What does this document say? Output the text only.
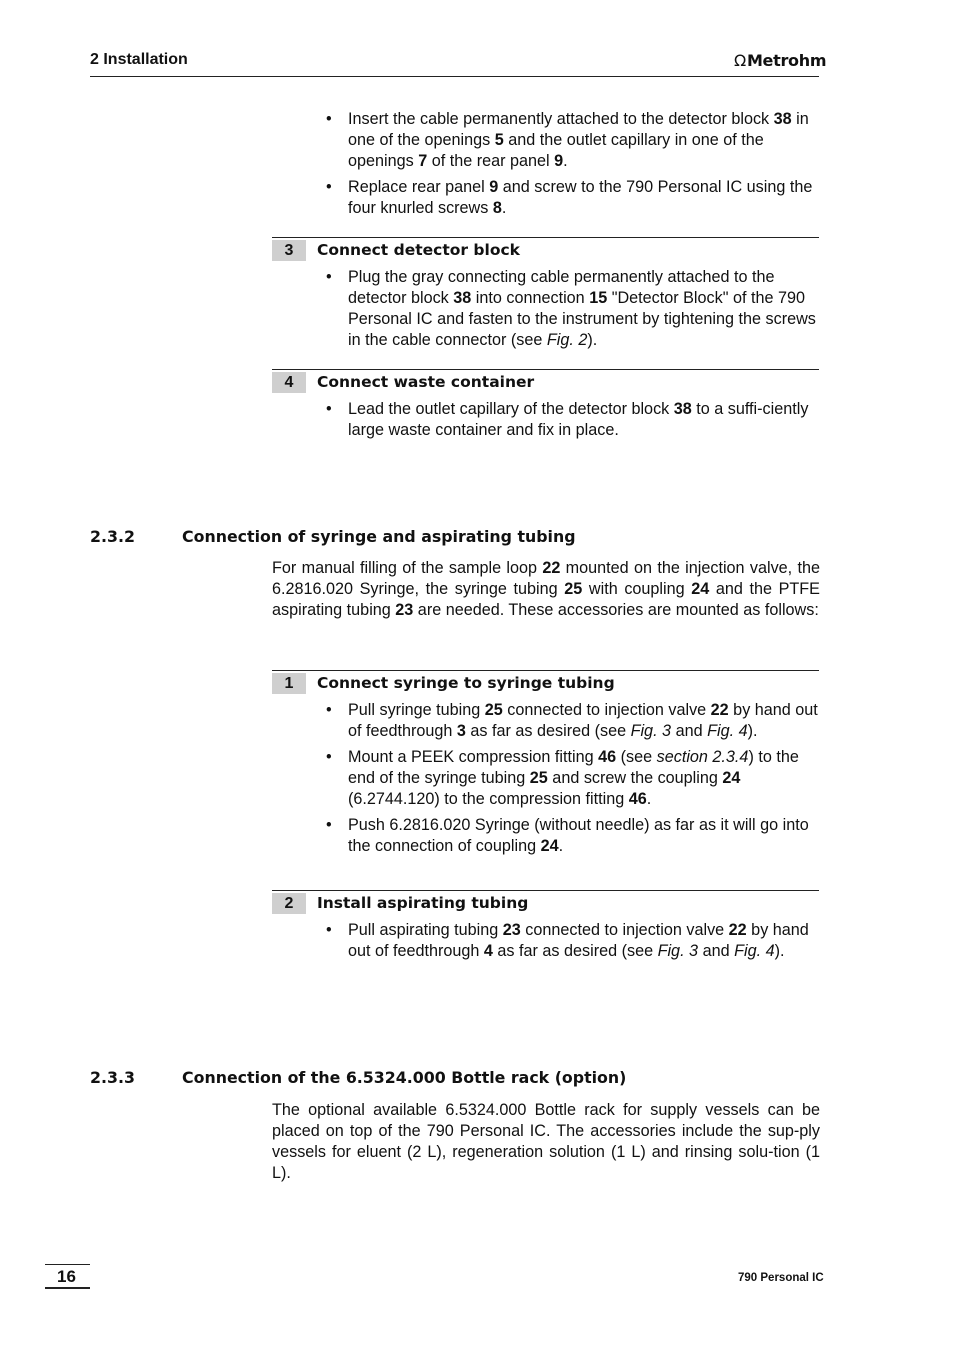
2 Installation	ΩMetrohm
• Insert the cable permanently attached to the detector block 38 in one of the openings 5 and the outlet capillary in one of the openings 7 of the rear panel 9.
• Replace rear panel 9 and screw to the 790 Personal IC using the four knurled screws 8.
3	Connect detector block
• Plug the gray connecting cable permanently attached to the detector block 38 into connection 15 "Detector Block" of the 790 Personal IC and fasten to the instrument by tightening the screws in the cable connector (see Fig. 2).
4	Connect waste container
• Lead the outlet capillary of the detector block 38 to a suffi-ciently large waste container and fix in place.
2.3.2	Connection of syringe and aspirating tubing
For manual filling of the sample loop 22 mounted on the injection valve, the 6.2816.020 Syringe, the syringe tubing 25 with coupling 24 and the PTFE aspirating tubing 23 are needed. These accessories are mounted as follows:
1	Connect syringe to syringe tubing
• Pull syringe tubing 25 connected to injection valve 22 by hand out of feedthrough 3 as far as desired (see Fig. 3 and Fig. 4).
• Mount a PEEK compression fitting 46 (see section 2.3.4) to the end of the syringe tubing 25 and screw the coupling 24 (6.2744.120) to the compression fitting 46.
• Push 6.2816.020 Syringe (without needle) as far as it will go into the connection of coupling 24.
2	Install aspirating tubing
• Pull aspirating tubing 23 connected to injection valve 22 by hand out of feedthrough 4 as far as desired (see Fig. 3 and Fig. 4).
2.3.3	Connection of the 6.5324.000 Bottle rack (option)
The optional available 6.5324.000 Bottle rack for supply vessels can be placed on top of the 790 Personal IC. The accessories include the sup-ply vessels for eluent (2 L), regeneration solution (1 L) and rinsing solu-tion (1 L).
16	790 Personal IC
